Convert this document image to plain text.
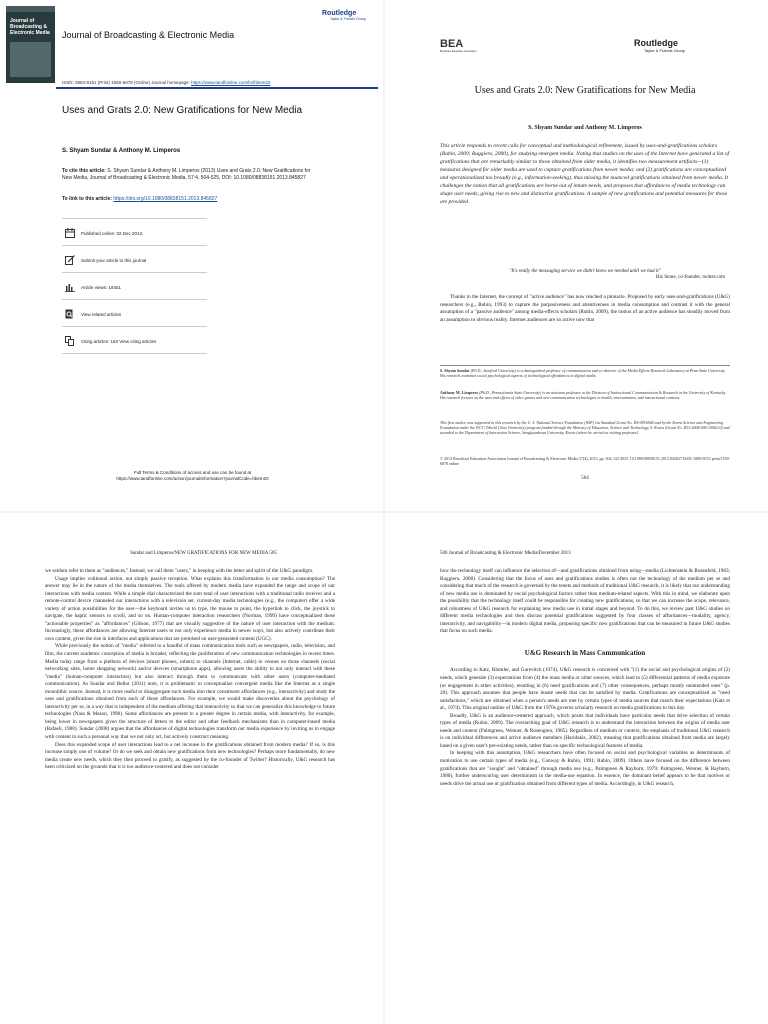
Journal of Broadcasting & Electronic Media Journal of Broadcasting & Electronic Media
Routledge
Taylor & Francis Group
ISSN: 0883-8151 (Print) 1550-6878 (Online) Journal homepage: https://www.tandfonline.com/loi/hbem20
Uses and Grats 2.0: New Gratifications for New Media
S. Shyam Sundar & Anthony M. Limperos
To cite this article: S. Shyam Sundar & Anthony M. Limperos (2013) Uses and Grats 2.0: New Gratifications for New Media, Journal of Broadcasting & Electronic Media, 57:4, 504-525, DOI: 10.1080/08838151.2013.845827
To link to this article: https://doi.org/10.1080/08838151.2013.845827
Published online: 02 Dec 2013.
Submit your article to this journal
Article views: 18451
View related articles
Citing articles: 183 View citing articles
Full Terms & Conditions of access and use can be found at
https://www.tandfonline.com/action/journalInformation?journalCode=hbem20
BEA
Broadcast Education Association
Routledge
Taylor & Francis Group
Uses and Grats 2.0: New Gratifications for New Media
S. Shyam Sundar and Anthony M. Limperos
This article responds to recent calls for conceptual and methodological refinement, issued by uses-and-gratifications scholars (Rubin, 2009; Ruggiero, 2000), for studying emergent media. Noting that studies on the uses of the Internet have generated a list of gratifications that are remarkably similar to those obtained from older media, it identifies two measurement artifacts—(1) measures designed for older media are used to capture gratifications from newer media; and (2) gratifications are conceptualized and operationalized too broadly (e.g., information-seeking), thus missing the nuanced gratifications obtained from newer media. It challenges the notion that all gratifications are borne out of innate needs, and proposes that affordances of media technology can shape user needs, giving rise to new and distinctive gratifications. A sample of new gratifications and potential measures for those are provided.
"It's really the messaging service we didn't know we needed until we had it"
Biz Stone, co-founder, twitter.com
Thanks to the Internet, the concept of "active audience" has now reached a pinnacle. Proposed by early uses-and-gratifications (U&G) researchers (e.g., Rubin, 1993) to capture the purposiveness and attentiveness in media consumption and contrast it with the general assumption of a "passive audience" among media-effects scholars (Rubin, 2009), the notion of an active audience has steadily moved from an assumption to obvious reality. Internet audiences are so active now that
S. Shyam Sundar (Ph.D., Stanford University) is a distinguished professor of communication and co-director of the Media Effects Research Laboratory at Penn State University. His research examines social psychological aspects of technological affordances in digital media.
Anthony M. Limperos (Ph.D., Pennsylvania State University) is an assistant professor in the Division of Instructional Communication & Research in the University of Kentucky. His research focuses on the uses and effects of video games and new communication technologies in health, entertainment, and instructional contexts.
This first author was supported in this research by the U. S. National Science Foundation (NSF) via Standard Grant No. IIS-0916944 and by the Korea Science and Engineering Foundation under the WCU (World Class University) program funded through the Ministry of Education, Science and Technology, S. Korea (Grant No. R31-2008-000-10062-0) and awarded to the Department of Interaction Science, Sungkyunkwan University, Korea (where he served as visiting professor).
© 2013 Broadcast Education Association Journal of Broadcasting & Electronic Media 57(4), 2013, pp. 504–525 DOI: 10.1080/08838151.2013.845827 ISSN: 0883-8151 print/1550-6878 online
504
Sundar and Limperos/NEW GRATIFICATIONS FOR NEW MEDIA 505

we seldom refer to them as "audiences." Instead, we call them "users," in keeping with the letter and spirit of the U&G paradigm.

Usage implies volitional action, not simply passive reception. What explains this transformation in our media consumption? The answer may lie in the nature of the media themselves. The tools offered by modern media have expanded the range and scope of our interactions with media content. While a simple dial characterized the sum total of user interactions with a traditional radio receiver and a remote-control device channeled our interactions with a television set, current-day media technologies (e.g., the computer) offer a wide variety of action possibilities for the user—the keyboard invites us to type, the mouse to point, the hyperlink to click, the joystick to navigate, the haptic sensors to scroll, and so on. Human-computer interaction researchers (Norman, 1999) have conceptualized these "actionable properties" as "affordances" (Gibson, 1977) that are visually suggestive of the nature of user interaction with the medium. Increasingly, these affordances are allowing Internet users to not only experience media in newer ways, but also actively contribute their own content, given the rise in interfaces and applications that are premised on user-generated content (UGC).

While previously the notion of "media" referred to a handful of mass communication tools such as newspapers, radio, television, and film, the current academic conception of media is broader, reflecting the proliferation of new communication technologies in recent times. Media today range from a plethora of devices (smart phones, robots) to channels (Internet, cable) to venues on those channels (social networking sites, home shopping network) and/or devices (smartphone apps), allowing users the ability to not only interact with these "media" (human-computer interaction) but also interact through them to communicate with other users (computer-mediated communication). As Sundar and Bellur (2011) note, it is problematic to conceptualize convergent media like the Internet as a single monolithic source. Instead, it is more useful to disaggregate such media into their constituent affordances (e.g., interactivity) and study the uses and gratifications obtained from each of those affordances. For example, we would make discoveries about the psychology of interactivity per se, in a way that is independent of the medium offering that interactivity so that we can generalize this knowledge to future technologies (Nass & Mason, 1990). Some affordances are present to a greater degree in certain media, with interactivity, for example, being lower in newspapers given the structure of letters to the editor and other feedback mechanisms than in computer-based media (Rafaeli, 1988). Sundar (2008) argues that the affordances of digital technologies transform our media experience by inviting us to engage with content in such a personal way that we not only act, but actively construct meaning.

Does this expanded scope of user interactions lead to a net increase in the gratifications obtained from modern media? If so, is this increase simply one of volume? Or do we seek and obtain new gratifications from new technologies? Perhaps more fundamentally, do new media create new needs, which they then proceed to gratify, as suggested by the co-founder of Twitter? Historically, U&G research has been criticized on the grounds that it is too audience-centered and does not consider

506 Journal of Broadcasting & Electronic Media/December 2013

how the technology itself can influence the selection of—and gratifications obtained from using—media (Lichtenstein & Rosenfeld, 1983; Ruggiero, 2000). Considering that the focus of uses and gratifications studies is often not the technology of the medium per se and considering that much of the research is governed by the tenets and methods of traditional U&G research, it is likely that our understanding of new media use is dominated by social psychological factors rather than medium-related aspects. With this in mind, we elaborate upon the possibility that the technology itself could be responsible for creating new gratifications, so that we can increase the scope, relevance, and robustness of U&G research for explaining new media use in initial stages and beyond. To do this, we review past U&G studies on different media technologies and then discuss potential gratifications suggested by four classes of affordances—modality, agency, interactivity, and navigability—in modern digital media, proposing specific new gratifications that can be measured in future U&G studies that focus on such media.

U&G Research in Mass Communication

According to Katz, Blumler, and Gurevitch (1974), U&G research is concerned with "(1) the social and psychological origins of (2) needs, which generate (3) expectations from (4) the mass media or other sources, which lead to (5) differential patterns of media exposure (or engagement in other activities), resulting in (6) need gratifications and (7) other consequences, perhaps mostly unintended ones" (p. 20). This approach assumes that people have innate needs that can be satisfied by media. Gratifications are conceptualized as "need satisfactions," which are obtained when a person's needs are met by certain types of media sources that match their expectations (Katz et al., 1974). This original outline of U&G from the 1970s governs scholarly research on media gratifications to this day.

Broadly, U&G is an audience-centered approach, which posits that individuals have particular needs that drive selection of certain types of media (Rubin, 2009). The overarching goal of U&G research is to understand the interaction between the origins of media user needs and context (Palmgreen, Wenner, & Rosengren, 1985). Regardless of medium or context, the emphasis of traditional U&G research is on individual differences and active audience members (Haridakis, 2002), meaning that gratifications obtained from media are largely based on a given user's pre-existing needs, rather than on specific technological features of media.

In keeping with this assumption, U&G researchers have often focused on social and psychological variables as determinants of motivation to use certain types of media (e.g., Conway & Rubin, 1991; Rubin, 2009). Others have focused on the difference between gratifications that are "sought" and "obtained" through media use (e.g., Palmgreen & Rayburn, 1979; Palmgreen, Wenner, & Rayburn, 1980), further underscoring user determinism in the media-use equation. In essence, the dominant belief appears to be that motives or needs drive the actual use or gratification obtained from different types of media. Accordingly, in U&G research,
